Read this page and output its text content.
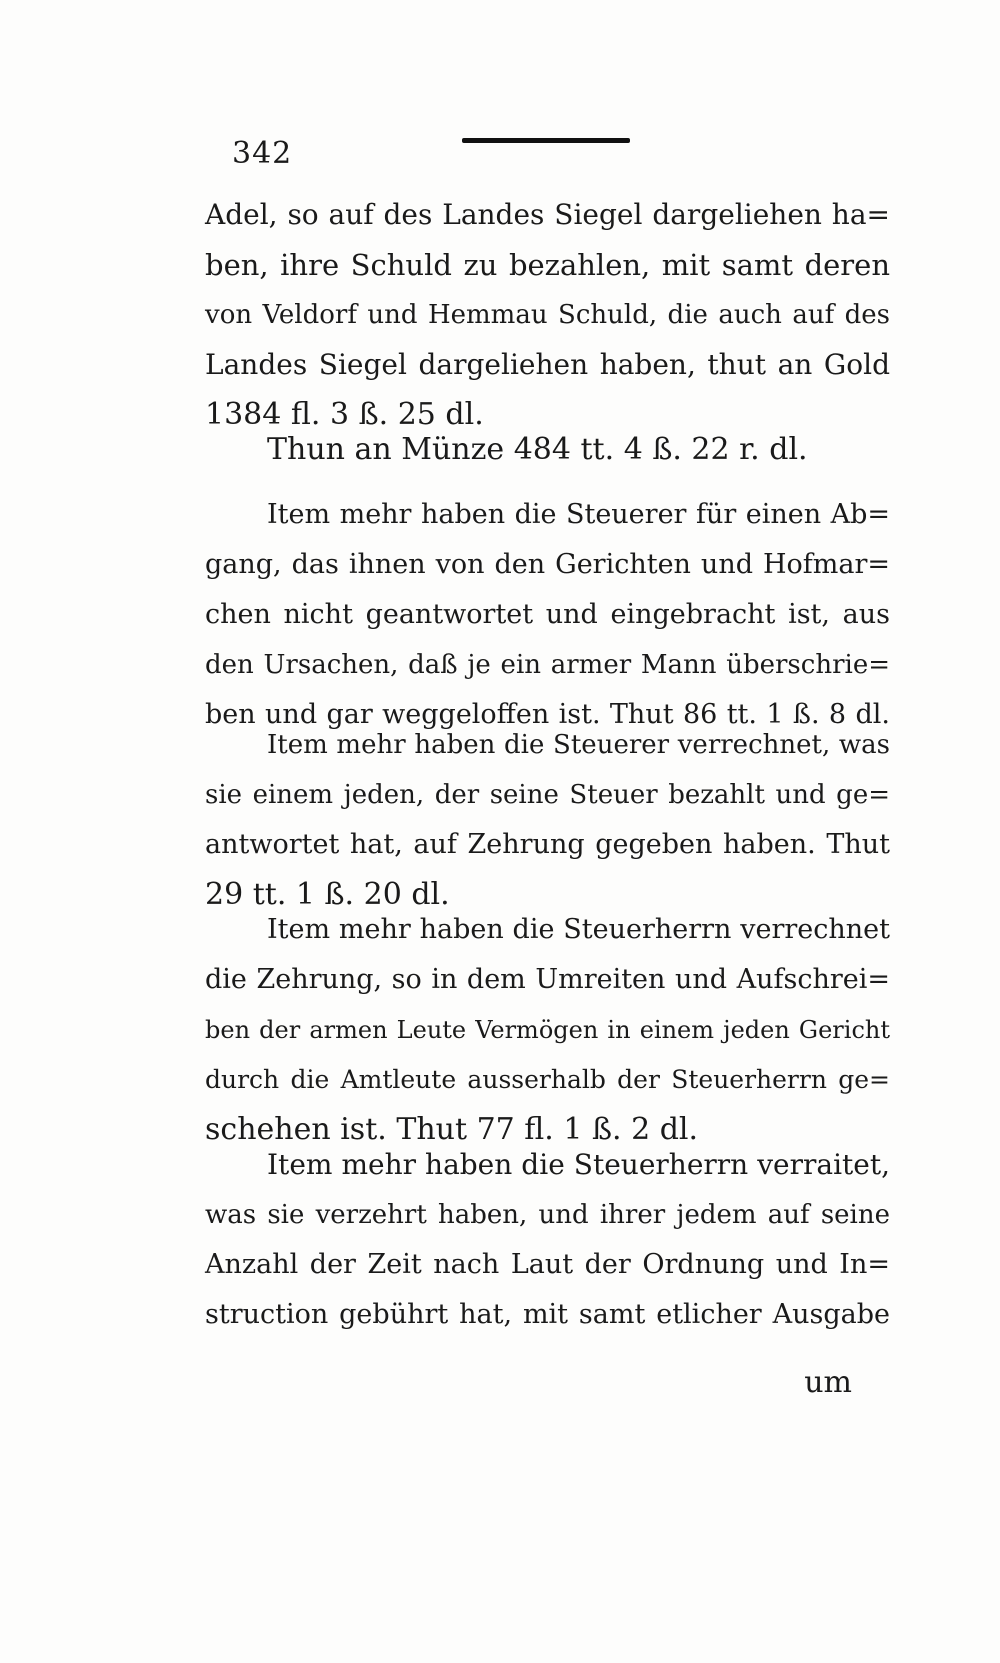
342
Adel, so auf des Landes Siegel dargeliehen ha=
ben, ihre Schuld zu bezahlen, mit samt deren
von Veldorf und Hemmau Schuld, die auch auf des
Landes Siegel dargeliehen haben, thut an Gold
1384 fl. 3 ß. 25 dl.
Thun an Münze 484 tt. 4 ß. 22 r. dl.
Item mehr haben die Steuerer für einen Ab=
gang, das ihnen von den Gerichten und Hofmar=
chen nicht geantwortet und eingebracht ist, aus
den Ursachen, daß je ein armer Mann überschrie=
ben und gar weggeloffen ist. Thut 86 tt. 1 ß. 8 dl.
Item mehr haben die Steuerer verrechnet, was
sie einem jeden, der seine Steuer bezahlt und ge=
antwortet hat, auf Zehrung gegeben haben. Thut
29 tt. 1 ß. 20 dl.
Item mehr haben die Steuerherrn verrechnet
die Zehrung, so in dem Umreiten und Aufschrei=
ben der armen Leute Vermögen in einem jeden Gericht
durch die Amtleute ausserhalb der Steuerherrn ge=
schehen ist. Thut 77 fl. 1 ß. 2 dl.
Item mehr haben die Steuerherrn verraitet,
was sie verzehrt haben, und ihrer jedem auf seine
Anzahl der Zeit nach Laut der Ordnung und In=
struction gebührt hat, mit samt etlicher Ausgabe
um
